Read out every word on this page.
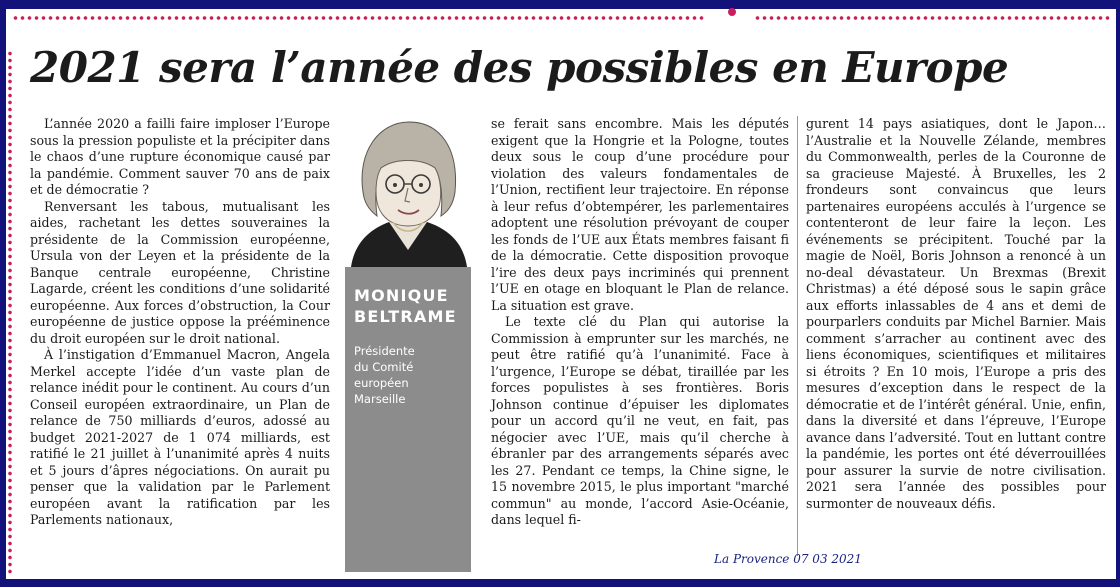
2021 sera l’année des possibles en Europe

L’année 2020 a failli faire imploser l’Europe sous la pression populiste et la précipiter dans le chaos d’une rupture économique causé par la pandémie. Comment sauver 70 ans de paix et de démocratie ?

Renversant les tabous, mutualisant les aides, rachetant les dettes souveraines la présidente de la Commission européenne, Ursula von der Leyen et la présidente de la Banque centrale européenne, Christine Lagarde, créent les conditions d’une solidarité européenne. Aux forces d’obstruction, la Cour européenne de justice oppose la prééminence du droit européen sur le droit national.

À l’instigation d’Emmanuel Macron, Angela Merkel accepte l’idée d’un vaste plan de relance inédit pour le continent. Au cours d’un Conseil européen extraordinaire, un Plan de relance de 750 milliards d’euros, adossé au budget 2021-2027 de 1 074 milliards, est ratifié le 21 juillet à l’unanimité après 4 nuits et 5 jours d’âpres négociations. On aurait pu penser que la validation par le Parlement européen avant la ratification par les Parlements nationaux,

MONIQUE
BELTRAME

Présidente
du Comité
européen
Marseille

se ferait sans encombre. Mais les députés exigent que la Hongrie et la Pologne, toutes deux sous le coup d’une procédure pour violation des valeurs fondamentales de l’Union, rectifient leur trajectoire. En réponse à leur refus d’obtempérer, les parlementaires adoptent une résolution prévoyant de couper les fonds de l’UE aux États membres faisant fi de la démocratie. Cette disposition provoque l’ire des deux pays incriminés qui prennent l’UE en otage en bloquant le Plan de relance. La situation est grave.

Le texte clé du Plan qui autorise la Commission à emprunter sur les marchés, ne peut être ratifié qu’à l’unanimité. Face à l’urgence, l’Europe se débat, tiraillée par les forces populistes à ses frontières. Boris Johnson continue d’épuiser les diplomates pour un accord qu’il ne veut, en fait, pas négocier avec l’UE, mais qu’il cherche à ébranler par des arrangements séparés avec les 27. Pendant ce temps, la Chine signe, le 15 novembre 2015, le plus important "marché commun" au monde, l’accord Asie-Océanie, dans lequel fi-

gurent 14 pays asiatiques, dont le Japon… l’Australie et la Nouvelle Zélande, membres du Commonwealth, perles de la Couronne de sa gracieuse Majesté. À Bruxelles, les 2 frondeurs sont convaincus que leurs partenaires européens acculés à l’urgence se contenteront de leur faire la leçon. Les événements se précipitent. Touché par la magie de Noël, Boris Johnson a renoncé à un no-deal dévastateur. Un Brexmas (Brexit Christmas) a été déposé sous le sapin grâce aux efforts inlassables de 4 ans et demi de pourparlers conduits par Michel Barnier. Mais comment s’arracher au continent avec des liens économiques, scientifiques et militaires si étroits ? En 10 mois, l’Europe a pris des mesures d’exception dans le respect de la démocratie et de l’intérêt général. Unie, enfin, dans la diversité et dans l’épreuve, l’Europe avance dans l’adversité. Tout en luttant contre la pandémie, les portes ont été déverrouillées pour assurer la survie de notre civilisation. 2021 sera l’année des possibles pour surmonter de nouveaux défis.

La Provence 07 03 2021
